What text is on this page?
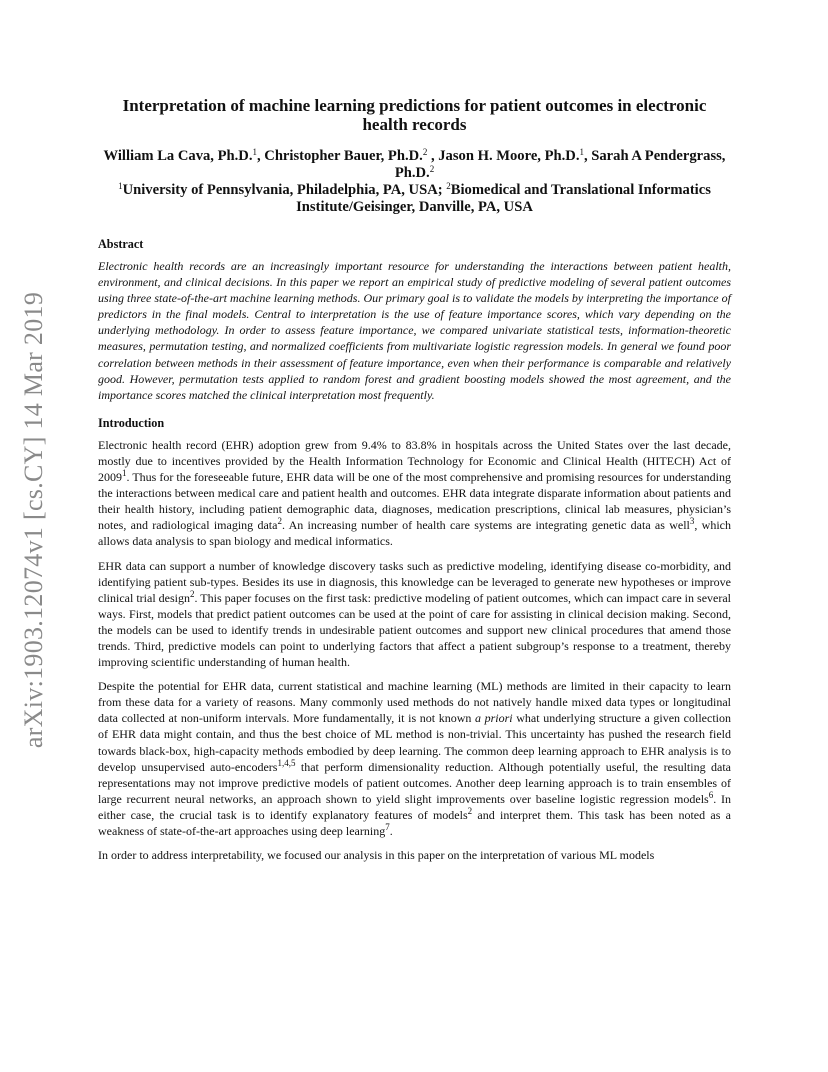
arXiv:1903.12074v1 [cs.CY] 14 Mar 2019
Interpretation of machine learning predictions for patient outcomes in electronic health records

William La Cava, Ph.D.$^1$, Christopher Bauer, Ph.D.$^2$ , Jason H. Moore, Ph.D.$^1$, Sarah A Pendergrass, Ph.D.$^2$

$^1$University of Pennsylvania, Philadelphia, PA, USA; $^2$Biomedical and Translational Informatics Institute/Geisinger, Danville, PA, USA

Abstract

Electronic health records are an increasingly important resource for understanding the interactions between patient health, environment, and clinical decisions. In this paper we report an empirical study of predictive modeling of several patient outcomes using three state-of-the-art machine learning methods. Our primary goal is to validate the models by interpreting the importance of predictors in the final models. Central to interpretation is the use of feature importance scores, which vary depending on the underlying methodology. In order to assess feature importance, we compared univariate statistical tests, information-theoretic measures, permutation testing, and normalized coefficients from multivariate logistic regression models. In general we found poor correlation between methods in their assessment of feature importance, even when their performance is comparable and relatively good. However, permutation tests applied to random forest and gradient boosting models showed the most agreement, and the importance scores matched the clinical interpretation most frequently.

Introduction

Electronic health record (EHR) adoption grew from 9.4% to 83.8% in hospitals across the United States over the last decade, mostly due to incentives provided by the Health Information Technology for Economic and Clinical Health (HITECH) Act of 2009$^1$. Thus for the foreseeable future, EHR data will be one of the most comprehensive and promising resources for understanding the interactions between medical care and patient health and outcomes. EHR data integrate disparate information about patients and their health history, including patient demographic data, diagnoses, medication prescriptions, clinical lab measures, physician’s notes, and radiological imaging data$^2$. An increasing number of health care systems are integrating genetic data as well$^3$, which allows data analysis to span biology and medical informatics.

EHR data can support a number of knowledge discovery tasks such as predictive modeling, identifying disease co-morbidity, and identifying patient sub-types. Besides its use in diagnosis, this knowledge can be leveraged to generate new hypotheses or improve clinical trial design$^2$. This paper focuses on the first task: predictive modeling of patient outcomes, which can impact care in several ways. First, models that predict patient outcomes can be used at the point of care for assisting in clinical decision making. Second, the models can be used to identify trends in undesirable patient outcomes and support new clinical procedures that amend those trends. Third, predictive models can point to underlying factors that affect a patient subgroup’s response to a treatment, thereby improving scientific understanding of human health.

Despite the potential for EHR data, current statistical and machine learning (ML) methods are limited in their capacity to learn from these data for a variety of reasons. Many commonly used methods do not natively handle mixed data types or longitudinal data collected at non-uniform intervals. More fundamentally, it is not known a priori what underlying structure a given collection of EHR data might contain, and thus the best choice of ML method is non-trivial. This uncertainty has pushed the research field towards black-box, high-capacity methods embodied by deep learning. The common deep learning approach to EHR analysis is to develop unsupervised auto-encoders$^{1,4,5}$ that perform dimensionality reduction. Although potentially useful, the resulting data representations may not improve predictive models of patient outcomes. Another deep learning approach is to train ensembles of large recurrent neural networks, an approach shown to yield slight improvements over baseline logistic regression models$^6$. In either case, the crucial task is to identify explanatory features of models$^2$ and interpret them. This task has been noted as a weakness of state-of-the-art approaches using deep learning$^7$.

In order to address interpretability, we focused our analysis in this paper on the interpretation of various ML models
